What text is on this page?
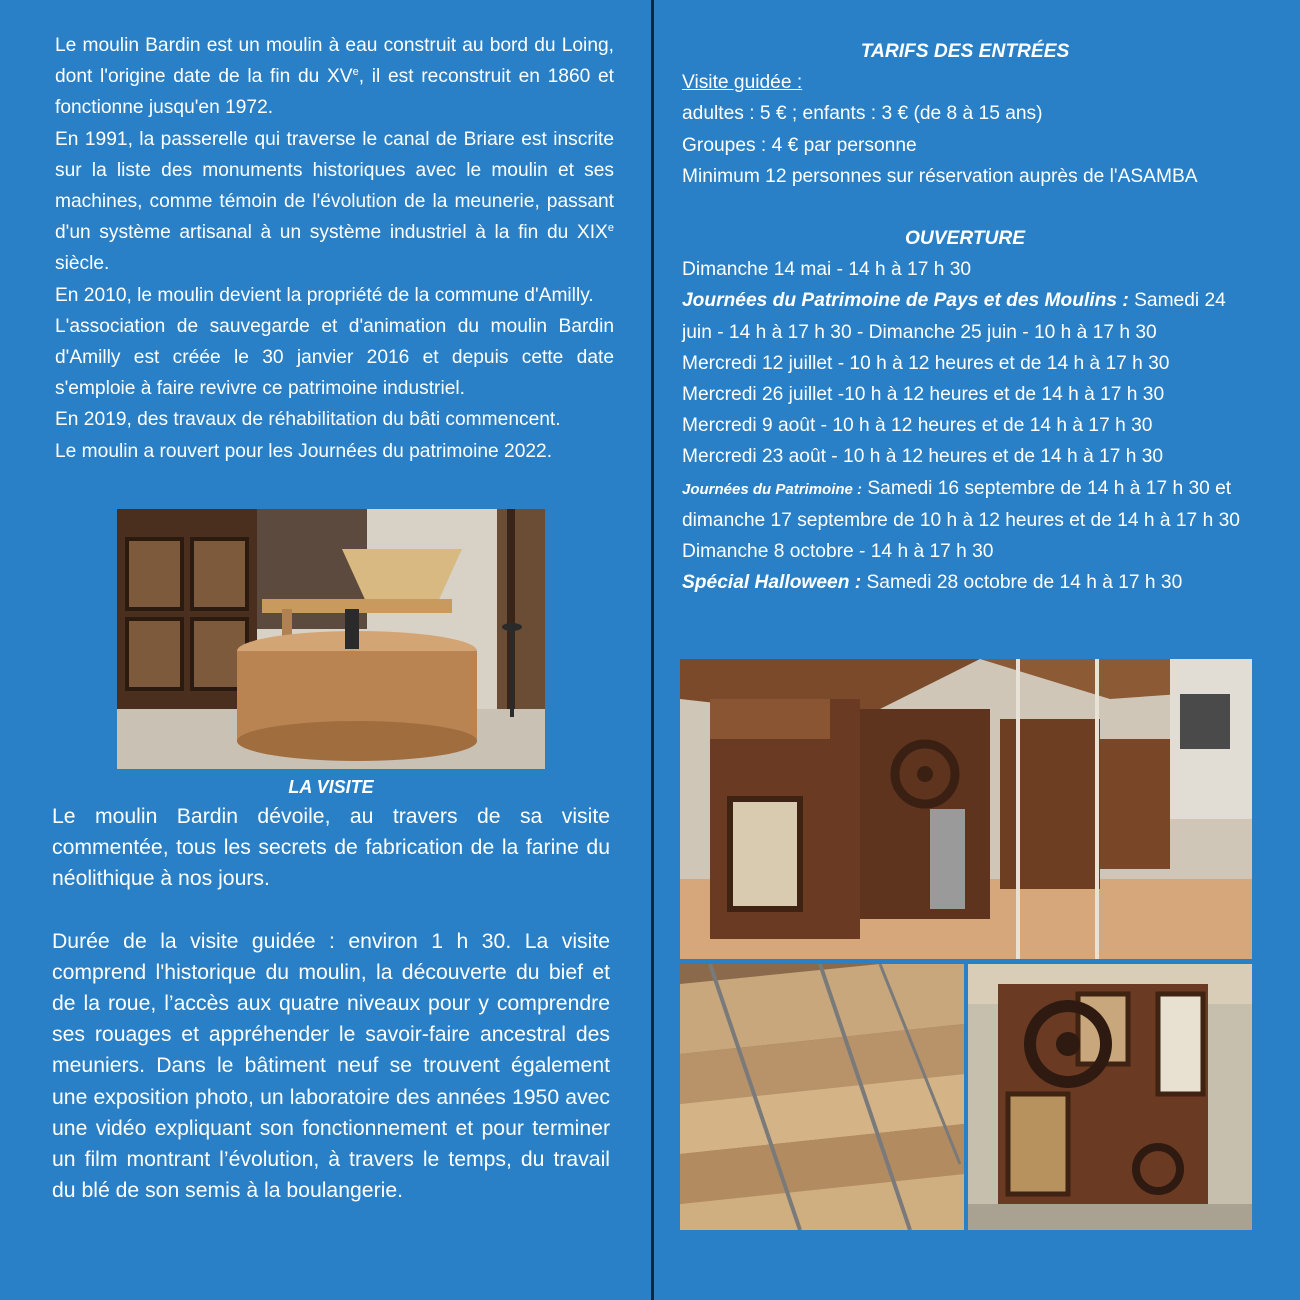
Le moulin Bardin est un moulin à eau construit au bord du Loing, dont l'origine date de la fin du XVe, il est reconstruit en 1860 et fonctionne jusqu'en 1972.

En 1991, la passerelle qui traverse le canal de Briare est inscrite sur la liste des monuments historiques avec le moulin et ses machines, comme témoin de l'évolution de la meunerie, passant d'un système artisanal à un système industriel à la fin du XIXe siècle.

En 2010, le moulin devient la propriété de la commune d'Amilly.

L'association de sauvegarde et d'animation du moulin Bardin d'Amilly est créée le 30 janvier 2016 et depuis cette date s'emploie à faire revivre ce patrimoine industriel.

En 2019, des travaux de réhabilitation du bâti commencent.

Le moulin a rouvert pour les Journées du patrimoine 2022.

LA VISITE

Le moulin Bardin dévoile, au travers de sa visite commentée, tous les secrets de fabrication de la farine du néolithique à nos jours.

Durée de la visite guidée : environ 1 h 30. La visite comprend l'historique du moulin, la découverte du bief et de la roue, l’accès aux quatre niveaux pour y comprendre ses rouages et appréhender le savoir-faire ancestral des meuniers. Dans le bâtiment neuf se trouvent également une exposition photo, un laboratoire des années 1950 avec une vidéo expliquant son fonctionnement et pour terminer un film montrant l’évolution, à travers le temps, du travail du blé de son semis à la boulangerie.

TARIFS DES ENTRÉES

Visite guidée :

adultes : 5 € ; enfants : 3 € (de 8 à 15 ans)

Groupes : 4 € par personne

Minimum 12 personnes sur réservation auprès de l'ASAMBA

OUVERTURE

Dimanche 14 mai - 14 h à 17 h 30

Journées du Patrimoine de Pays et des Moulins : Samedi 24 juin - 14 h à 17 h 30 - Dimanche 25 juin - 10 h à 17 h 30

Mercredi 12 juillet - 10 h à 12 heures et de 14 h à 17 h 30

Mercredi 26 juillet -10 h à 12 heures et de 14 h à 17 h 30

Mercredi 9 août - 10 h à 12 heures et de 14 h à 17 h 30

Mercredi 23 août - 10 h à 12 heures et de 14 h à 17 h 30

Journées du Patrimoine : Samedi 16 septembre de 14 h à 17 h 30 et dimanche 17 septembre de 10 h à 12 heures et de 14 h à 17 h 30

Dimanche 8 octobre - 14 h à 17 h 30

Spécial Halloween : Samedi 28 octobre de 14 h à 17 h 30
